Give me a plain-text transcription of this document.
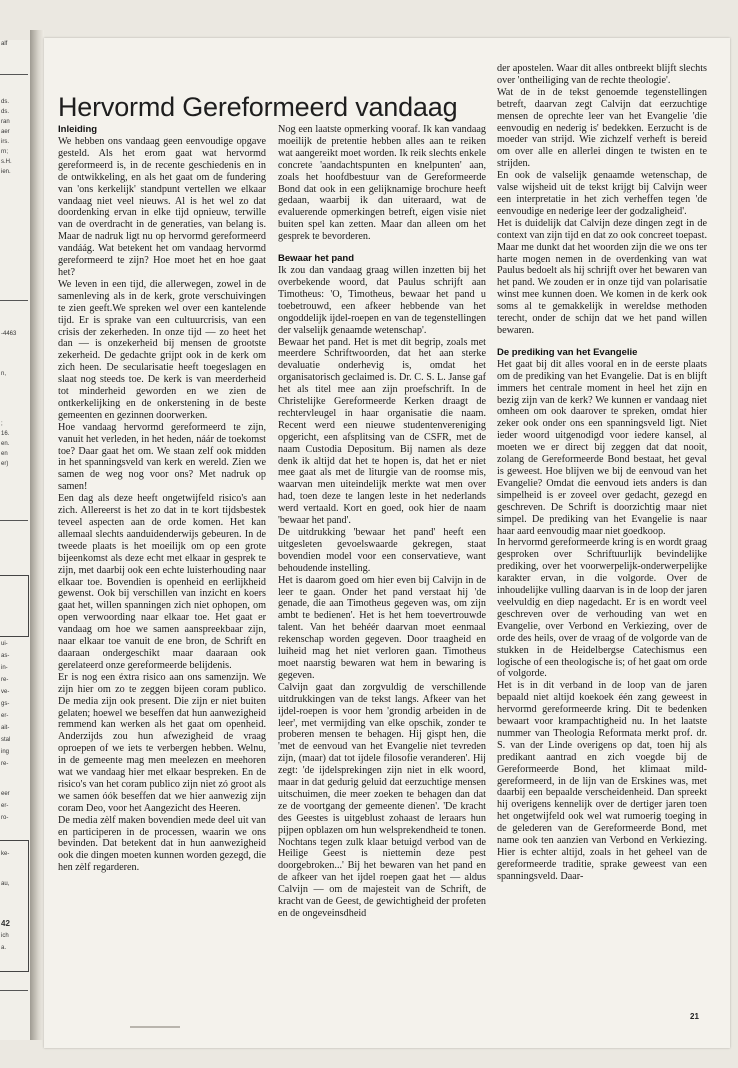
ds.
ds.
ran
aer
irs.
rn;
s.H.
ien.
-4463
n,
;
16.
en.
en
er)
ui-
as-
in-
re-
ve-
gs-
er-
ait-
stal
ing
re-
eer
er-
ro-
ke-
au,
42
ich
a.
alf
Hervormd Gereformeerd vandaag
Inleiding

We hebben ons vandaag geen eenvoudige opgave gesteld. Als het erom gaat wat hervormd gereformeerd is, in de recente geschiedenis en in de ontwikkeling, en als het gaat om de fundering van 'ons kerkelijk' standpunt vertellen we elkaar vandaag niet veel nieuws. Al is het wel zo dat doordenking ervan in elke tijd opnieuw, terwille van de overdracht in de generaties, van belang is. Maar de nadruk ligt nu op hervormd gereformeerd vandáág. Wat betekent het om vandaag hervormd gereformeerd te zijn? Hoe moet het en hoe gaat het?

We leven in een tijd, die allerwegen, zowel in de samenleving als in de kerk, grote verschuivingen te zien geeft.We spreken wel over een kantelende tijd. Er is sprake van een cultuurcrisis, van een crisis der zekerheden. In onze tijd — zo heet het dan — is onzekerheid bij mensen de grootste zekerheid. De gedachte grijpt ook in de kerk om zich heen. De secularisatie heeft toegeslagen en slaat nog steeds toe. De kerk is van meerderheid tot minderheid geworden en we zien de ontkerkelijking en de onkerstening in de beste gemeenten en gezinnen doorwerken.

Hoe vandaag hervormd gereformeerd te zijn, vanuit het verleden, in het heden, náár de toekomst toe? Daar gaat het om. We staan zelf ook midden in het spanningsveld van kerk en wereld. Zien we samen de weg nog voor ons? Met nadruk op samen!

Een dag als deze heeft ongetwijfeld risico's aan zich. Allereerst is het zo dat in te kort tijdsbestek teveel aspecten aan de orde komen. Het kan allemaal slechts aanduidenderwijs gebeuren. In de tweede plaats is het moeilijk om op een grote bijeenkomst als deze echt met elkaar in gesprek te zijn, met daarbij ook een echte luisterhouding naar elkaar toe. Bovendien is openheid en eerlijkheid gewenst. Ook bij verschillen van inzicht en koers gaat het, willen spanningen zich niet ophopen, om open verwoording naar elkaar toe. Het gaat er vandaag om hoe we samen aanspreekbaar zijn, naar elkaar toe vanuit de ene bron, de Schrift en daaraan ondergeschikt maar daaraan ook gerelateerd onze gereformeerde belijdenis.

Er is nog een éxtra risico aan ons samenzijn. We zijn hier om zo te zeggen bijeen coram publico. De media zijn ook present. Die zijn er niet buiten gelaten; hoewel we beseffen dat hun aanwezigheid remmend kan werken als het gaat om openheid. Anderzijds zou hun afwezigheid de vraag oproepen of we iets te verbergen hebben. Welnu, in de gemeente mag men meelezen en meehoren wat we vandaag hier met elkaar bespreken. En de risico's van het coram publico zijn niet zó groot als we samen óók beseffen dat we hier aanwezig zijn coram Deo, voor het Aangezicht des Heeren.

De media zèlf maken bovendien mede deel uit van en participeren in de processen, waarin we ons bevinden. Dat betekent dat in hun aanwezigheid ook die dingen moeten kunnen worden gezegd, die hen zèlf regarderen.

Nog een laatste opmerking vooraf. Ik kan vandaag moeilijk de pretentie hebben alles aan te reiken wat aangereikt moet worden. Ik reik slechts enkele concrete 'aandachtspunten en knelpunten' aan, zoals het hoofdbestuur van de Gereformeerde Bond dat ook in een gelijknamige brochure heeft gedaan, waarbij ik dan uiteraard, wat de evaluerende opmerkingen betreft, eigen visie niet buiten spel kan zetten. Maar dan alleen om het gesprek te bevorderen.

Bewaar het pand

Ik zou dan vandaag graag willen inzetten bij het overbekende woord, dat Paulus schrijft aan Timotheus: 'O, Timotheus, bewaar het pand u toebetrouwd, een afkeer hebbende van het ongoddelijk ijdel-roepen en van de tegenstellingen der valselijk genaamde wetenschap'.

Bewaar het pand. Het is met dit begrip, zoals met meerdere Schriftwoorden, dat het aan sterke devaluatie onderhevig is, omdat het organisatorisch geclaimed is. Dr. C. S. L. Janse gaf het als titel mee aan zijn proefschrift. In de Christelijke Gereformeerde Kerken draagt de rechtervleugel in haar organisatie die naam. Recent werd een nieuwe studentenvereniging opgericht, een afsplitsing van de CSFR, met de naam Custodia Depositum. Bij namen als deze denk ik altijd dat het te hopen is, dat het er niet mee gaat als met de liturgie van de roomse mis, waarvan men uiteindelijk merkte wat men over had, toen deze te langen leste in het nederlands werd vertaald. Kort en goed, ook hier de naam 'bewaar het pand'.

De uitdrukking 'bewaar het pand' heeft een uitgesleten gevoelswaarde gekregen, staat bovendien model voor een conservatieve, want behoudende instelling.

Het is daarom goed om hier even bij Calvijn in de leer te gaan. Onder het pand verstaat hij 'de genade, die aan Timotheus gegeven was, om zijn ambt te bedienen'. Het is het hem toevertrouwde talent. Van het behéér daarvan moet eenmaal rekenschap worden gegeven. Door traagheid en luiheid mag het niet verloren gaan. Timotheus moet naarstig bewaren wat hem in bewaring is gegeven.

Calvijn gaat dan zorgvuldig de verschillende uitdrukkingen van de tekst langs. Afkeer van het ijdel-roepen is voor hem 'grondig arbeiden in de leer', met vermijding van elke opschik, zonder te proberen mensen te behagen. Hij gispt hen, die 'met de eenvoud van het Evangelie niet tevreden zijn, (maar) dat tot ijdele filosofie veranderen'. Hij zegt: 'de ijdelsprekingen zijn niet in elk woord, maar in dat gedurig geluid dat eerzuchtige mensen uitschuimen, die meer zoeken te behagen dan dat ze de voortgang der gemeente dienen'. 'De kracht des Geestes is uitgeblust zohaast de leraars hun pijpen opblazen om hun welsprekendheid te tonen. Nochtans tegen zulk klaar betuigd verbod van de Heilige Geest is niettemin deze pest doorgebroken...' Bij het bewaren van het pand en de afkeer van het ijdel roepen gaat het — aldus Calvijn — om de majesteit van de Schrift, de kracht van de Geest, de gewichtigheid der profeten en de ongeveinsdheid

der apostelen. Waar dit alles ontbreekt blijft slechts over 'ontheiliging van de rechte theologie'.

Wat de in de tekst genoemde tegenstellingen betreft, daarvan zegt Calvijn dat eerzuchtige mensen de oprechte leer van het Evangelie 'die eenvoudig en nederig is' bedekken. Eerzucht is de moeder van strijd. Wie zichzelf verheft is bereid om over alle en allerlei dingen te twisten en te strijden.

En ook de valselijk genaamde wetenschap, de valse wijsheid uit de tekst krijgt bij Calvijn weer een interpretatie in het zich verheffen tegen 'de eenvoudige en nederige leer der godzaligheid'.

Het is duidelijk dat Calvijn deze dingen zegt in de context van zijn tijd en dat zo ook concreet toepast. Maar me dunkt dat het woorden zijn die we ons ter harte mogen nemen in de overdenking van wat Paulus bedoelt als hij schrijft over het bewaren van het pand. We zouden er in onze tijd van polarisatie winst mee kunnen doen. We komen in de kerk ook soms al te gemakkelijk in wereldse methoden terecht, onder de schijn dat we het pand willen bewaren.

De prediking van het Evangelie

Het gaat bij dit alles vooral en in de eerste plaats om de prediking van het Evangelie. Dat is en blijft immers het centrale moment in heel het zijn en bezig zijn van de kerk? We kunnen er vandaag niet omheen om ook daarover te spreken, omdat hier zeker ook onder ons een spanningsveld ligt. Niet ieder woord uitgenodigd voor iedere kansel, al moeten we er direct bij zeggen dat dat nooit, zolang de Gereformeerde Bond bestaat, het geval is geweest. Hoe blijven we bij de eenvoud van het Evangelie? Omdat die eenvoud iets anders is dan simpelheid is er zoveel over gedacht, gezegd en geschreven. De Schrift is doorzichtig maar niet simpel. De prediking van het Evangelie is naar haar aard eenvoudig maar niet goedkoop.

In hervormd gereformeerde kring is en wordt graag gesproken over Schriftuurlijk bevindelijke prediking, over het voorwerpelijk-onderwerpelijke karakter ervan, in die volgorde. Over de inhoudelijke vulling daarvan is in de loop der jaren veelvuldig en diep nagedacht. Er is en wordt veel geschreven over de verhouding van wet en Evangelie, over Verbond en Verkiezing, over de orde des heils, over de vraag of de volgorde van de stukken in de Heidelbergse Catechismus een logische of een theologische is; of het gaat om orde of volgorde.

Het is in dit verband in de loop van de jaren bepaald niet altijd koekoek één zang geweest in hervormd gereformeerde kring. Dit te bedenken bewaart voor krampachtigheid nu. In het laatste nummer van Theologia Reformata merkt prof. dr. S. van der Linde overigens op dat, toen hij als predikant aantrad en zich voegde bij de Gereformeerde Bond, het klimaat mild-gereformeerd, in de lijn van de Erskines was, met daarbij een bepaalde verscheidenheid. Dan spreekt hij overigens kennelijk over de dertiger jaren toen het ongetwijfeld ook wel wat rumoerig toeging in de gelederen van de Gereformeerde Bond, met name ook ten aanzien van Verbond en Verkiezing. Hier is echter altijd, zoals in het geheel van de gereformeerde traditie, sprake geweest van een spanningsveld. Daar-

21
